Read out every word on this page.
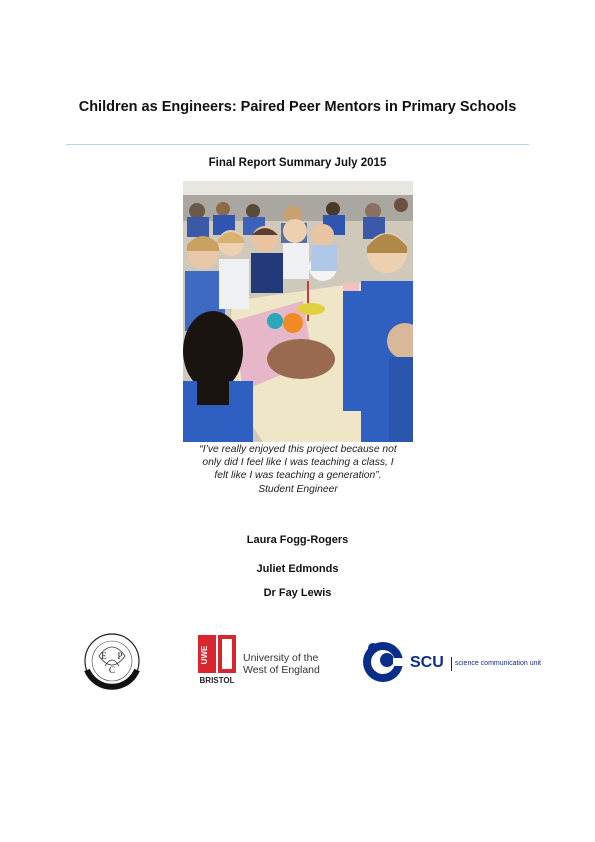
Children as Engineers: Paired Peer Mentors in Primary Schools
Final Report Summary July 2015
“I’ve really enjoyed this project because not
only did I feel like I was teaching a class, I
felt like I was teaching a generation”.
Student Engineer
Laura Fogg-Rogers
Juliet Edmonds
Dr Fay Lewis
E P
C
UWE
BRISTOL
University of the
West of England	SCU science communication unit
